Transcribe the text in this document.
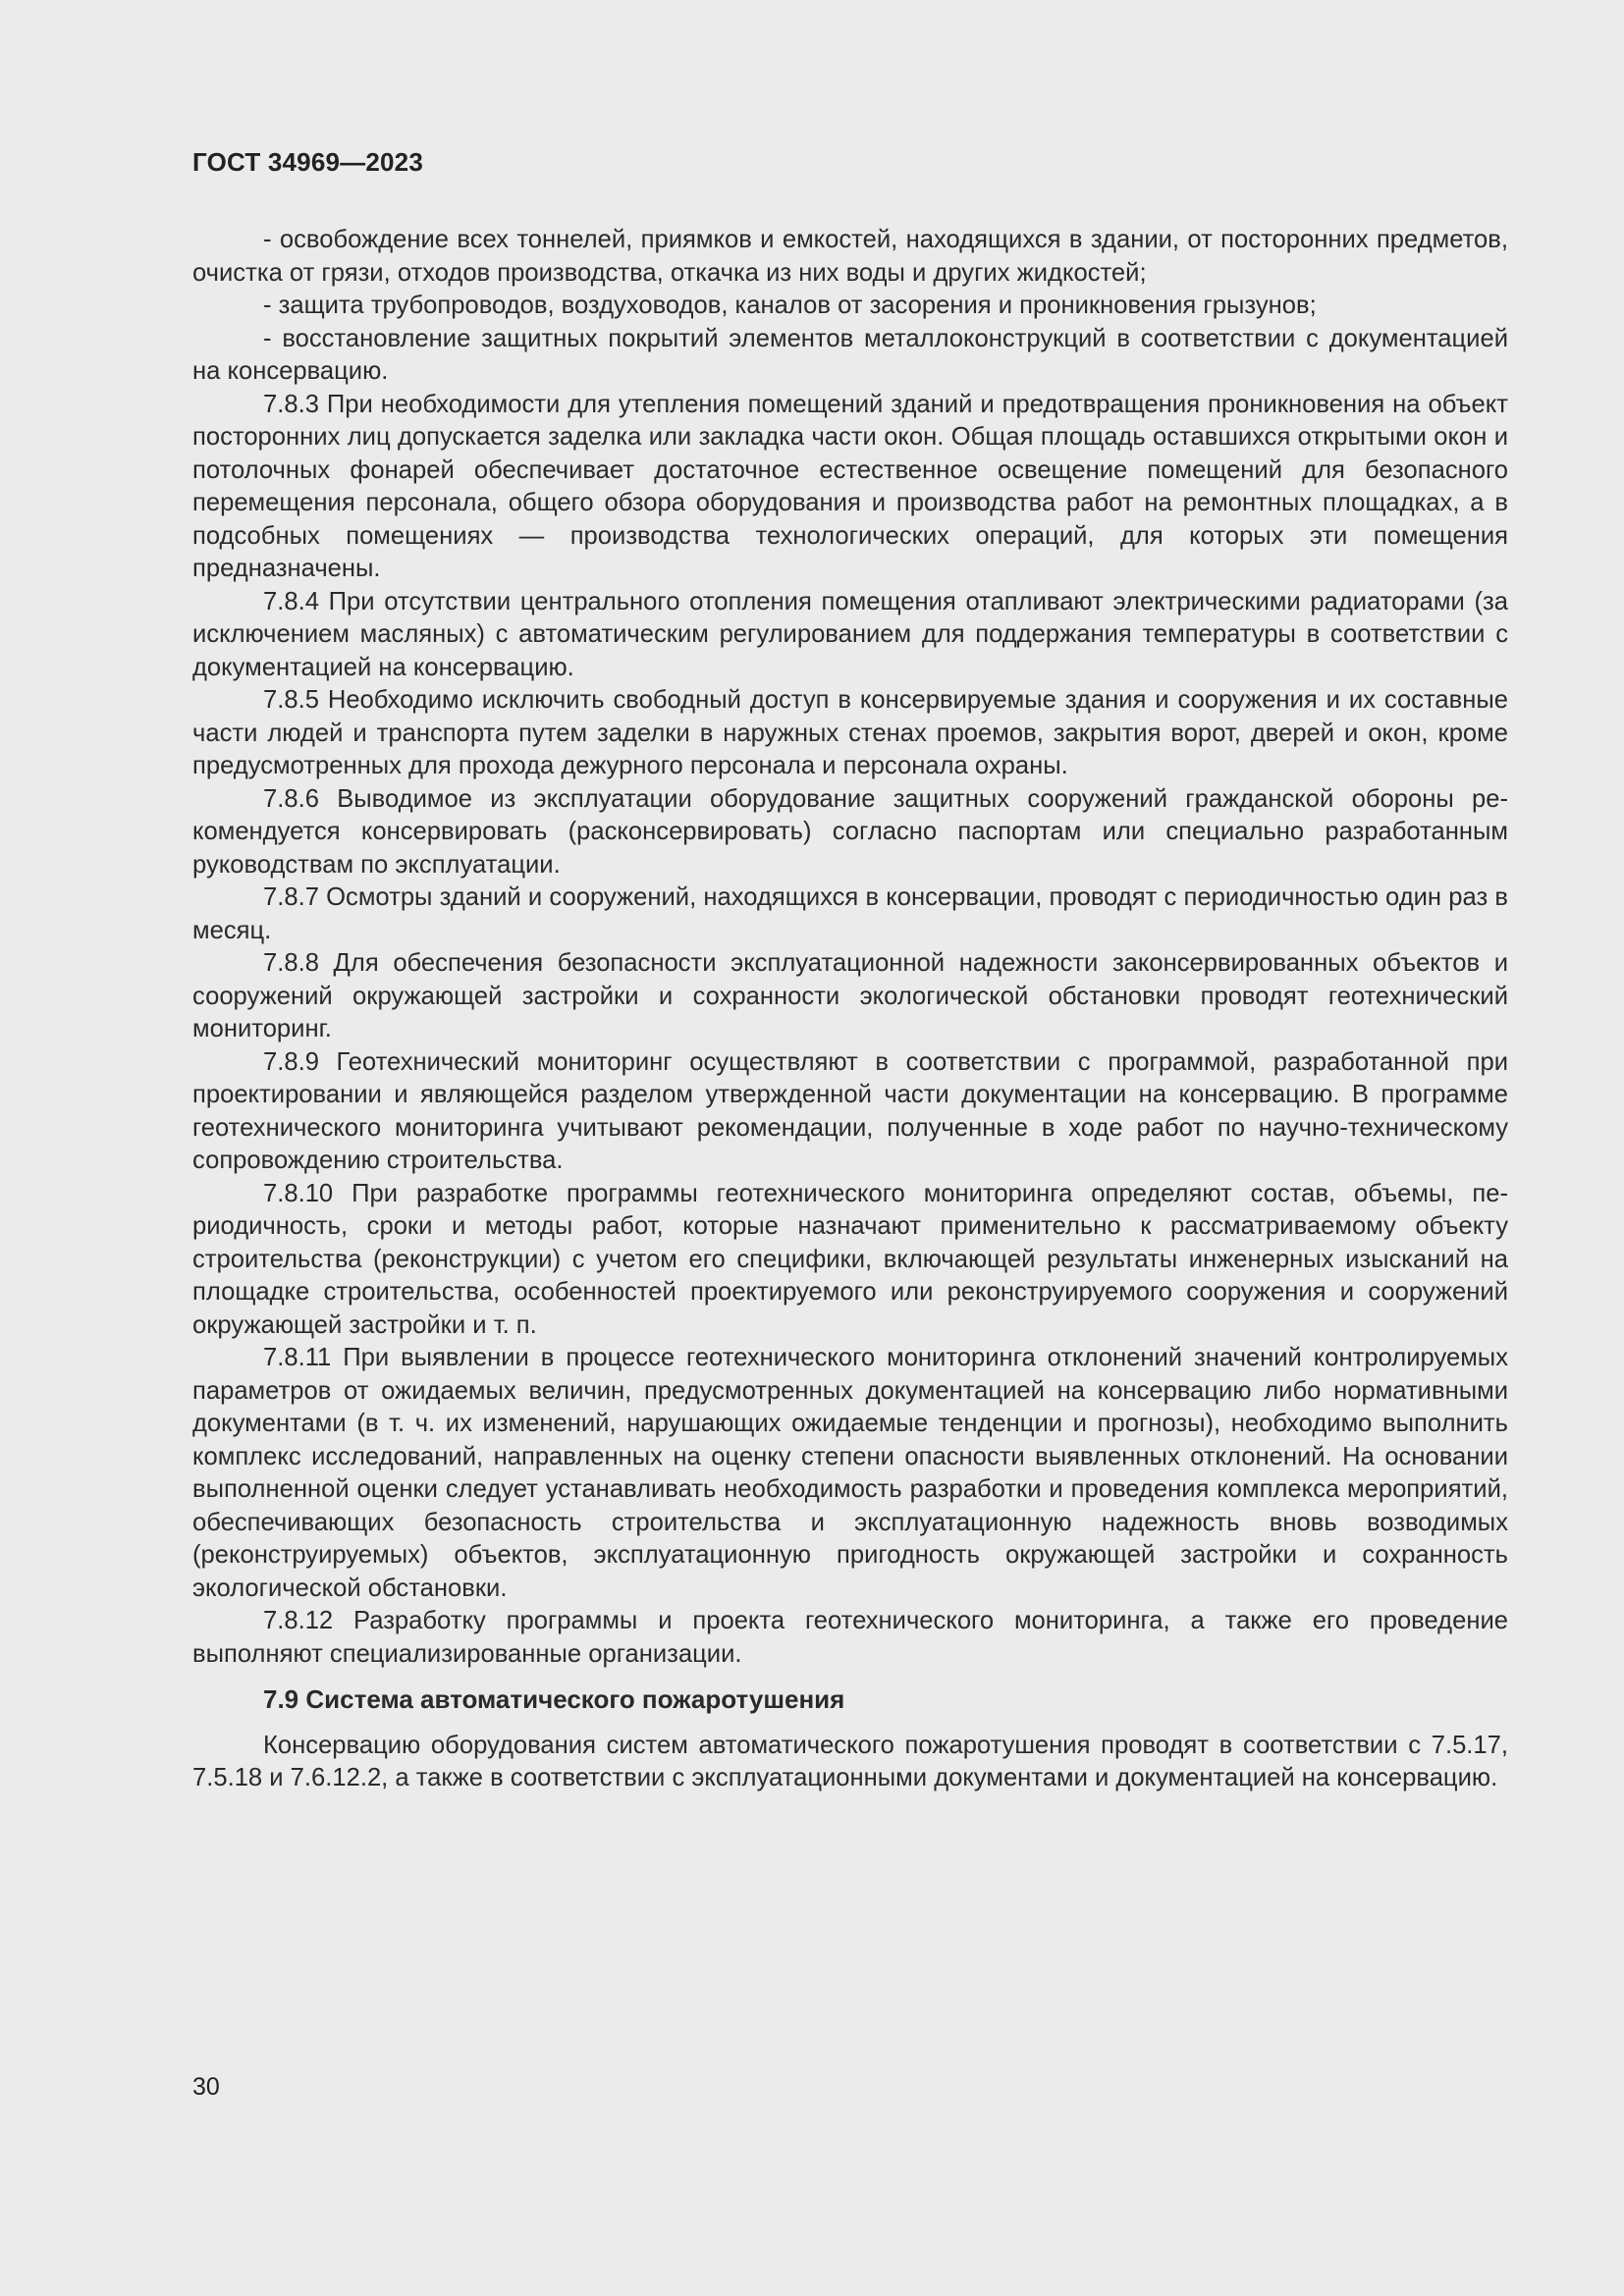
ГОСТ 34969—2023

- освобождение всех тоннелей, приямков и емкостей, находящихся в здании, от посторонних предметов, очистка от грязи, отходов производства, откачка из них воды и других жидкостей;

- защита трубопроводов, воздуховодов, каналов от засорения и проникновения грызунов;

- восстановление защитных покрытий элементов металлоконструкций в соответствии с документацией на консервацию.

7.8.3 При необходимости для утепления помещений зданий и предотвращения проникновения на объект посторонних лиц допускается заделка или закладка части окон. Общая площадь оставшихся открытыми окон и потолочных фонарей обеспечивает достаточное естественное освещение помещений для безопасного перемещения персонала, общего обзора оборудования и производства работ на ремонтных площадках, а в подсобных помещениях — производства технологических операций, для которых эти помещения предназначены.

7.8.4 При отсутствии центрального отопления помещения отапливают электрическими радиаторами (за исключением масляных) с автоматическим регулированием для поддержания температуры в соответствии с документацией на консервацию.

7.8.5 Необходимо исключить свободный доступ в консервируемые здания и сооружения и их составные части людей и транспорта путем заделки в наружных стенах проемов, закрытия ворот, дверей и окон, кроме предусмотренных для прохода дежурного персонала и персонала охраны.

7.8.6 Выводимое из эксплуатации оборудование защитных сооружений гражданской обороны рекомендуется консервировать (расконсервировать) согласно паспортам или специально разработанным руководствам по эксплуатации.

7.8.7 Осмотры зданий и сооружений, находящихся в консервации, проводят с периодичностью один раз в месяц.

7.8.8 Для обеспечения безопасности эксплуатационной надежности законсервированных объектов и сооружений окружающей застройки и сохранности экологической обстановки проводят геотехнический мониторинг.

7.8.9 Геотехнический мониторинг осуществляют в соответствии с программой, разработанной при проектировании и являющейся разделом утвержденной части документации на консервацию. В программе геотехнического мониторинга учитывают рекомендации, полученные в ходе работ по научно-техническому сопровождению строительства.

7.8.10 При разработке программы геотехнического мониторинга определяют состав, объемы, периодичность, сроки и методы работ, которые назначают применительно к рассматриваемому объекту строительства (реконструкции) с учетом его специфики, включающей результаты инженерных изысканий на площадке строительства, особенностей проектируемого или реконструируемого сооружения и сооружений окружающей застройки и т. п.

7.8.11 При выявлении в процессе геотехнического мониторинга отклонений значений контролируемых параметров от ожидаемых величин, предусмотренных документацией на консервацию либо нормативными документами (в т. ч. их изменений, нарушающих ожидаемые тенденции и прогнозы), необходимо выполнить комплекс исследований, направленных на оценку степени опасности выявленных отклонений. На основании выполненной оценки следует устанавливать необходимость разработки и проведения комплекса мероприятий, обеспечивающих безопасность строительства и эксплуатационную надежность вновь возводимых (реконструируемых) объектов, эксплуатационную пригодность окружающей застройки и сохранность экологической обстановки.

7.8.12 Разработку программы и проекта геотехнического мониторинга, а также его проведение выполняют специализированные организации.

7.9 Система автоматического пожаротушения

Консервацию оборудования систем автоматического пожаротушения проводят в соответствии с 7.5.17, 7.5.18 и 7.6.12.2, а также в соответствии с эксплуатационными документами и документацией на консервацию.

30
